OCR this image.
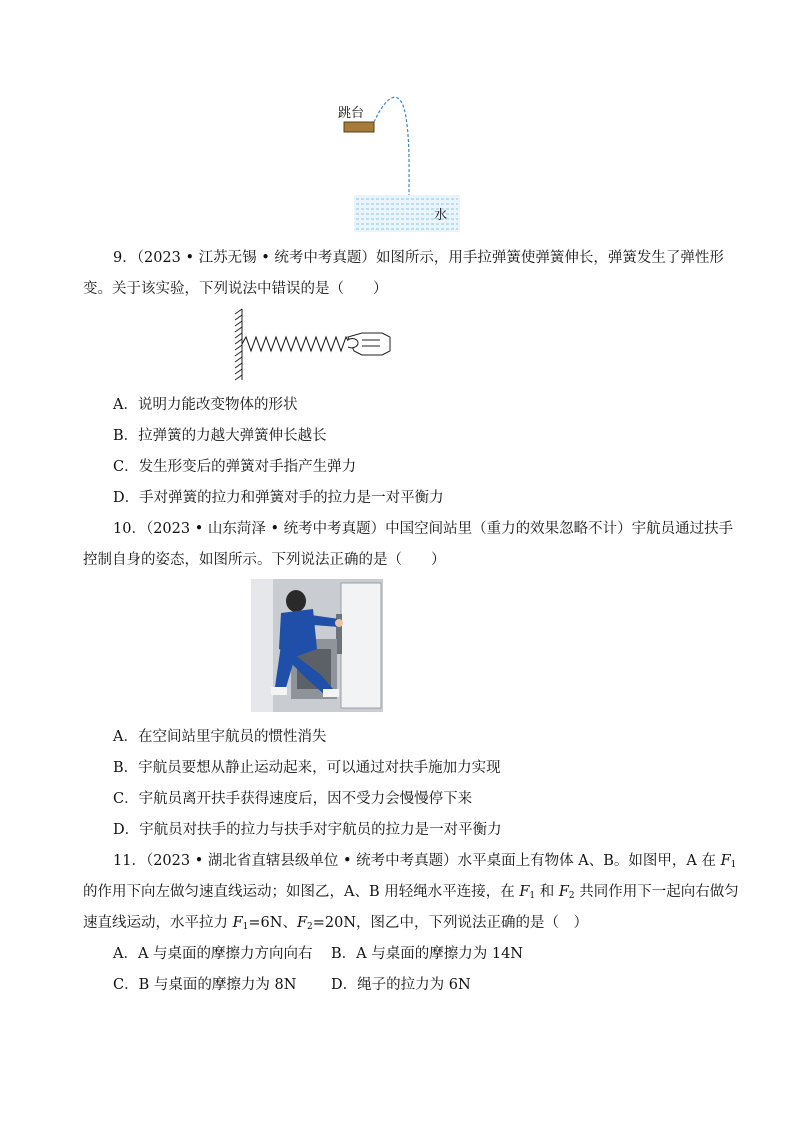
跳台
水
9．（2023 • 江苏无锡 • 统考中考真题）如图所示，用手拉弹簧使弹簧伸长，弹簧发生了弹性形
变。关于该实验，下列说法中错误的是（　　）
A．说明力能改变物体的形状
B．拉弹簧的力越大弹簧伸长越长
C．发生形变后的弹簧对手指产生弹力
D．手对弹簧的拉力和弹簧对手的拉力是一对平衡力
10．（2023 • 山东菏泽 • 统考中考真题）中国空间站里（重力的效果忽略不计）宇航员通过扶手
控制自身的姿态，如图所示。下列说法正确的是（　　）
A．在空间站里宇航员的惯性消失
B．宇航员要想从静止运动起来，可以通过对扶手施加力实现
C．宇航员离开扶手获得速度后，因不受力会慢慢停下来
D．宇航员对扶手的拉力与扶手对宇航员的拉力是一对平衡力
11．（2023 • 湖北省直辖县级单位 • 统考中考真题）水平桌面上有物体 A、B。如图甲，A 在 $F_1$
的作用下向左做匀速直线运动；如图乙，A、B 用轻绳水平连接，在 $F_1$ 和 $F_2$ 共同作用下一起向右做匀
速直线运动，水平拉力 $F_1=6N$、$F_2=20N$，图乙中，下列说法正确的是（　）
A．A 与桌面的摩擦力方向向右 B．A 与桌面的摩擦力为 14N
C．B 与桌面的摩擦力为 8N D．绳子的拉力为 6N
